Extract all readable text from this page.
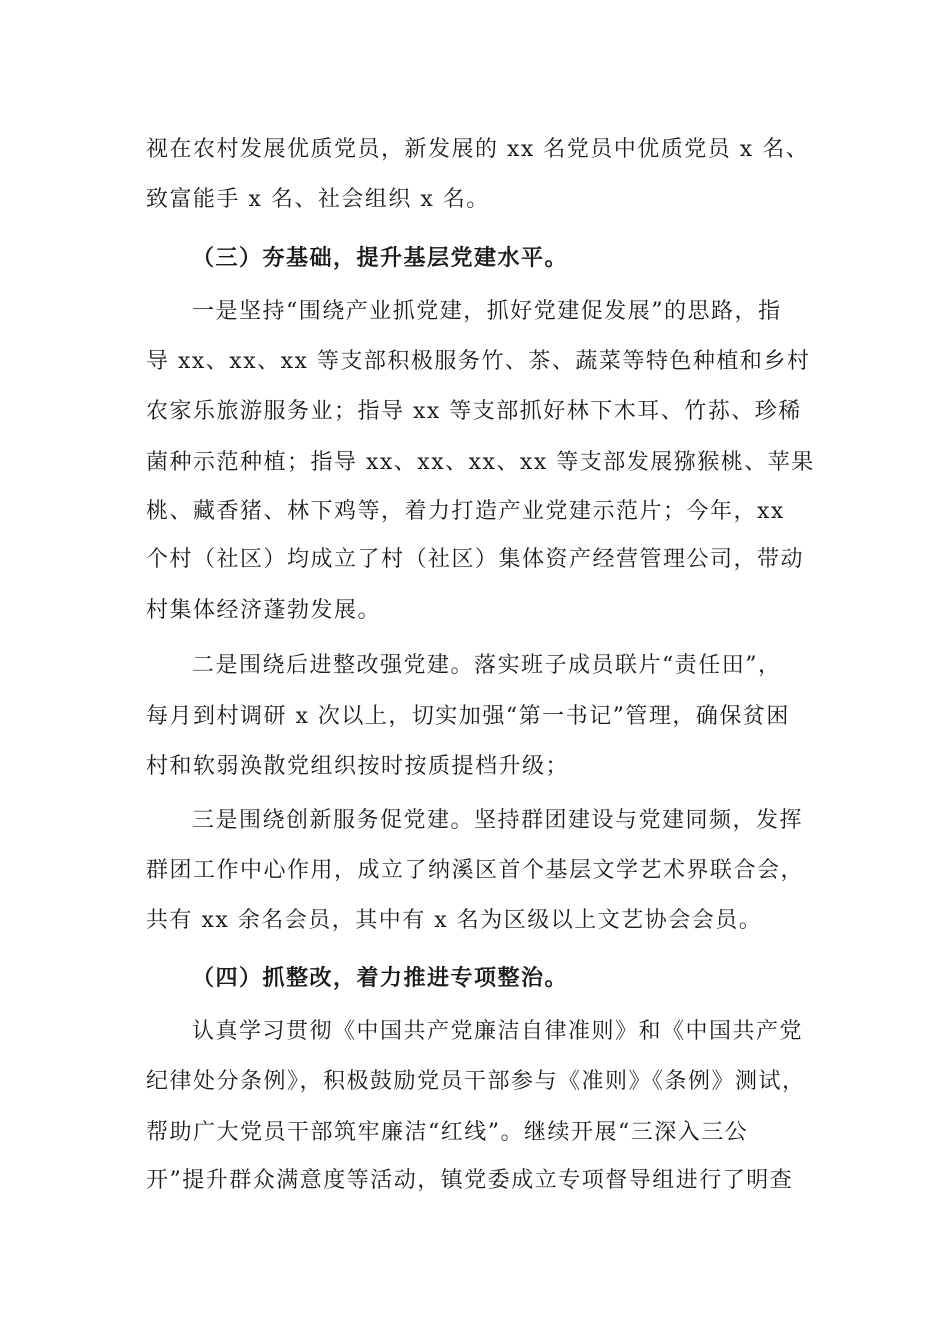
视在农村发展优质党员，新发展的 xx 名党员中优质党员 x 名、
致富能手 x 名、社会组织 x 名。
（三）夯基础，提升基层党建水平。
一是坚持“围绕产业抓党建，抓好党建促发展”的思路，指
导 xx、xx、xx 等支部积极服务竹、茶、蔬菜等特色种植和乡村
农家乐旅游服务业；指导 xx 等支部抓好林下木耳、竹荪、珍稀
菌种示范种植；指导 xx、xx、xx、xx 等支部发展猕猴桃、苹果
桃、藏香猪、林下鸡等，着力打造产业党建示范片；今年，xx
个村（社区）均成立了村（社区）集体资产经营管理公司，带动
村集体经济蓬勃发展。
二是围绕后进整改强党建。落实班子成员联片“责任田”，
每月到村调研 x 次以上，切实加强“第一书记”管理，确保贫困
村和软弱涣散党组织按时按质提档升级；
三是围绕创新服务促党建。坚持群团建设与党建同频，发挥
群团工作中心作用，成立了纳溪区首个基层文学艺术界联合会，
共有 xx 余名会员，其中有 x 名为区级以上文艺协会会员。
（四）抓整改，着力推进专项整治。
认真学习贯彻《中国共产党廉洁自律准则》和《中国共产党
纪律处分条例》，积极鼓励党员干部参与《准则》《条例》测试，
帮助广大党员干部筑牢廉洁“红线”。继续开展“三深入三公
开”提升群众满意度等活动，镇党委成立专项督导组进行了明查
